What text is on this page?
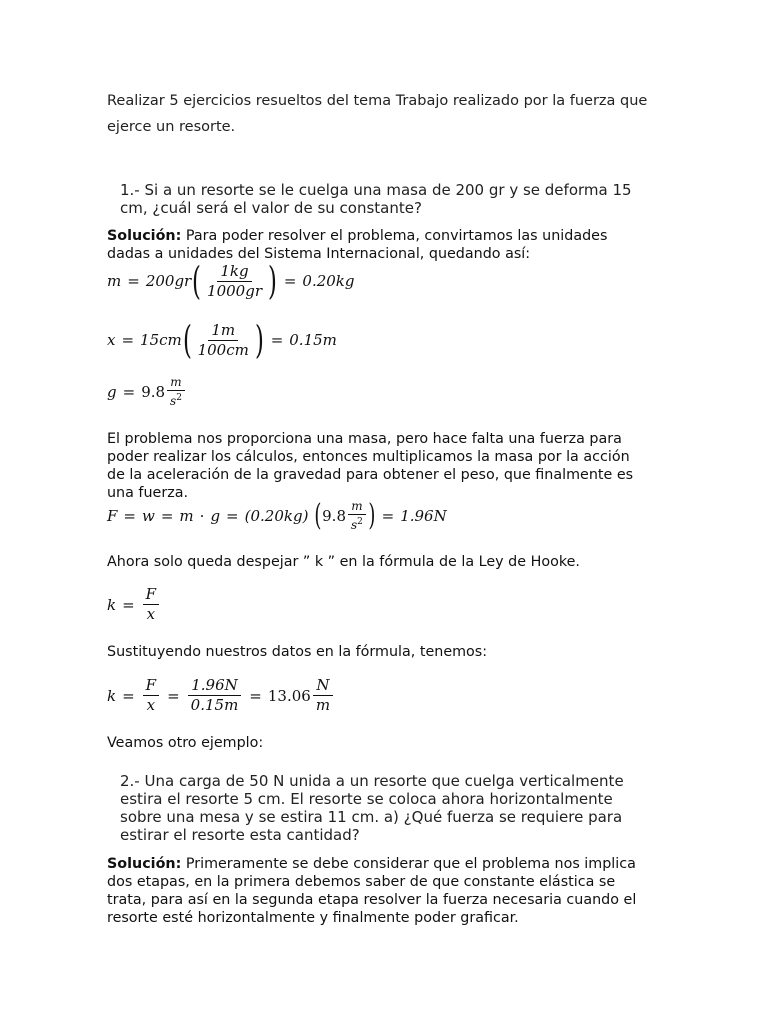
Realizar 5 ejercicios resueltos del tema Trabajo realizado por la fuerza que ejerce un resorte.
1.- Si a un resorte se le cuelga una masa de 200 gr y se deforma 15 cm, ¿cuál será el valor de su constante?
Solución: Para poder resolver el problema, convirtamos las unidades dadas a unidades del Sistema Internacional, quedando así:
m = 200gr ( $\frac{1kg}{1000gr}$ ) = 0.20kg
x = 15cm ( $\frac{1m}{100cm}$ ) = 0.15m
$g = 9.8 \frac{m}{s^2}$
El problema nos proporciona una masa, pero hace falta una fuerza para poder realizar los cálculos, entonces multiplicamos la masa por la acción de la aceleración de la gravedad para obtener el peso, que finalmente es una fuerza.
F = w = m · g = (0.20kg) ( $9.8 \frac{m}{s^2}$ ) = 1.96N
Ahora solo queda despejar ” k ” en la fórmula de la Ley de Hooke.
$k = \frac{F}{x}$
Sustituyendo nuestros datos en la fórmula, tenemos:
$k = \frac{F}{x} = \frac{1.96N}{0.15m} = 13.06 \frac{N}{m}$
Veamos otro ejemplo:
2.- Una carga de 50 N unida a un resorte que cuelga verticalmente estira el resorte 5 cm. El resorte se coloca ahora horizontalmente sobre una mesa y se estira 11 cm. a) ¿Qué fuerza se requiere para estirar el resorte esta cantidad?
Solución: Primeramente se debe considerar que el problema nos implica dos etapas, en la primera debemos saber de que constante elástica se trata, para así en la segunda etapa resolver la fuerza necesaria cuando el resorte esté horizontalmente y finalmente poder graficar.
